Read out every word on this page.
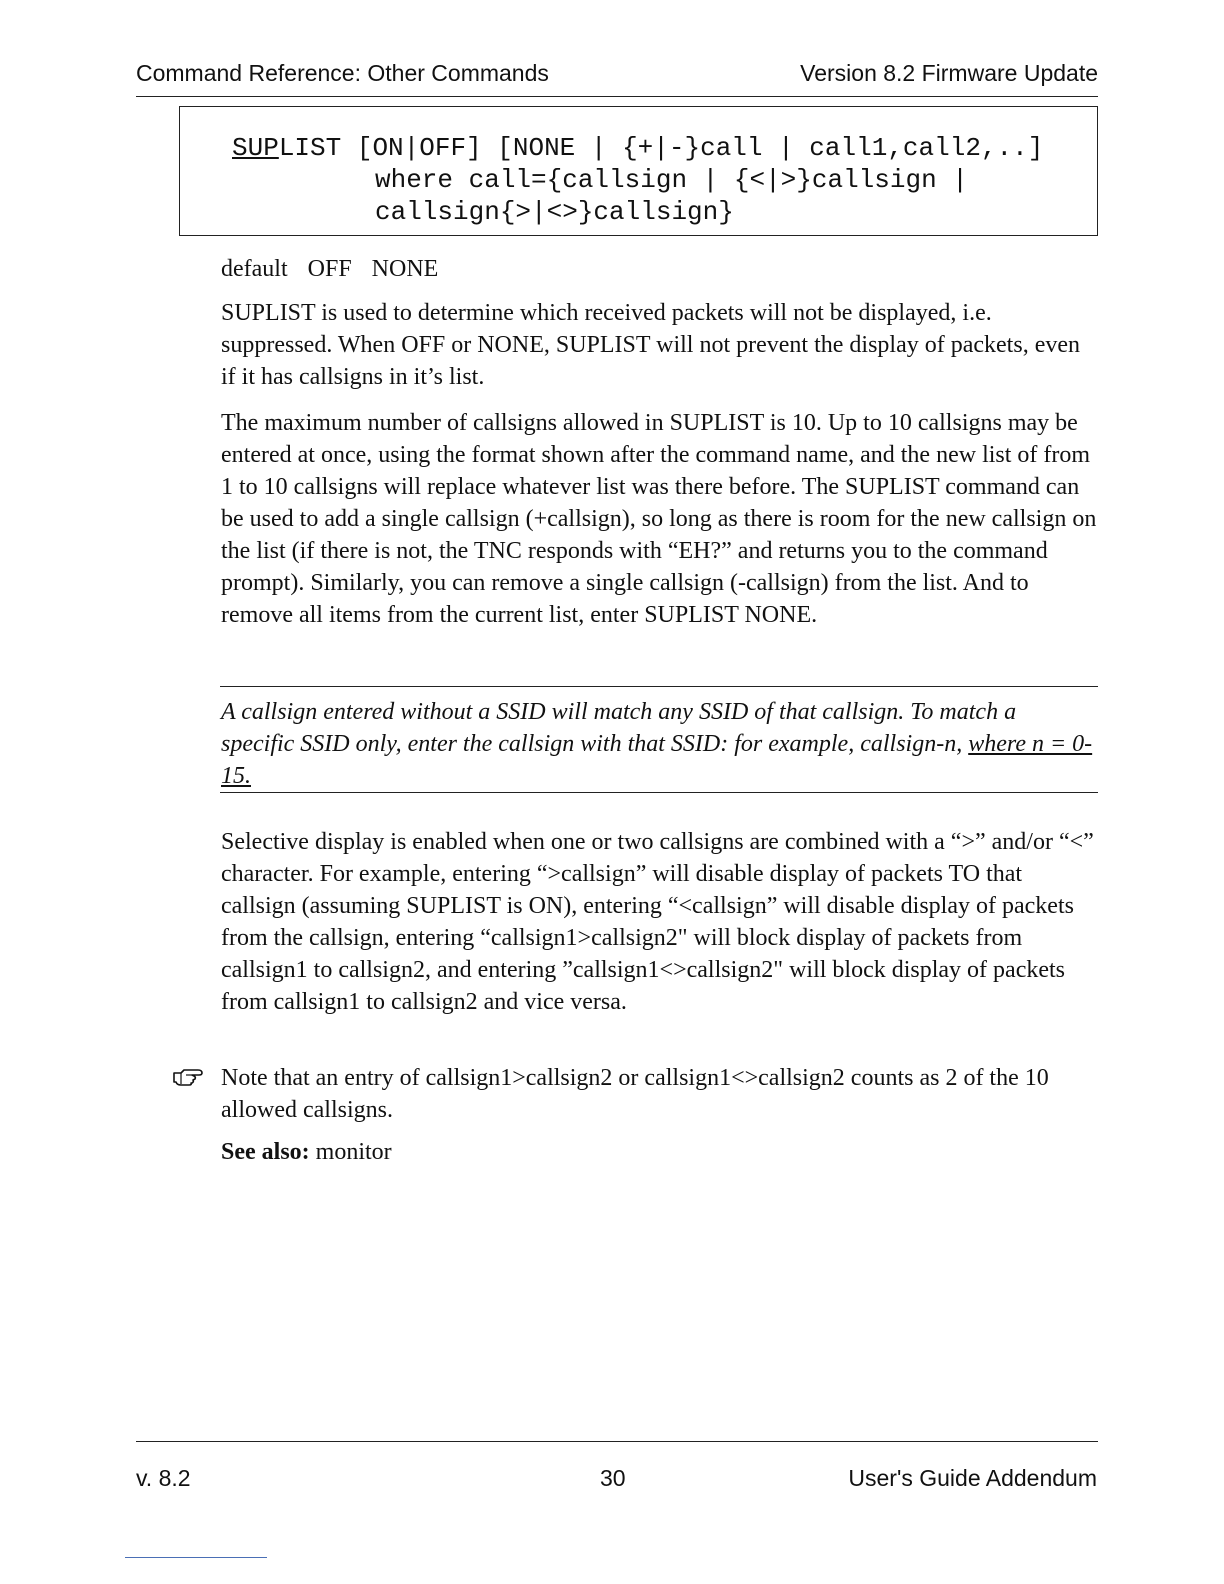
Command Reference: Other Commands	Version 8.2 Firmware Update
SUPLIST [ON|OFF] [NONE | {+|-}call | call1,call2,..]
where call={callsign | {<|>}callsign |
callsign{>|<>}callsign}
default OFF NONE
SUPLIST is used to determine which received packets will not be displayed, i.e. suppressed. When OFF or NONE, SUPLIST will not prevent the display of packets, even if it has callsigns in it’s list.
The maximum number of callsigns allowed in SUPLIST is 10. Up to 10 callsigns may be entered at once, using the format shown after the command name, and the new list of from 1 to 10 callsigns will replace whatever list was there before. The SUPLIST command can be used to add a single callsign (+callsign), so long as there is room for the new callsign on the list (if there is not, the TNC responds with “EH?” and returns you to the command prompt). Similarly, you can remove a single callsign (-callsign) from the list. And to remove all items from the current list, enter SUPLIST NONE.
A callsign entered without a SSID will match any SSID of that callsign. To match a specific SSID only, enter the callsign with that SSID: for example, callsign-n, where n = 0-15.
Selective display is enabled when one or two callsigns are combined with a “>” and/or “<” character. For example, entering “>callsign” will disable display of packets TO that callsign (assuming SUPLIST is ON), entering “<callsign” will disable display of packets from the callsign, entering “callsign1>callsign2" will block display of packets from callsign1 to callsign2, and entering ”callsign1<>callsign2" will block display of packets from callsign1 to callsign2 and vice versa.
Note that an entry of callsign1>callsign2 or callsign1<>callsign2 counts as 2 of the 10 allowed callsigns.
See also: monitor
v. 8.2	30	User's Guide Addendum
